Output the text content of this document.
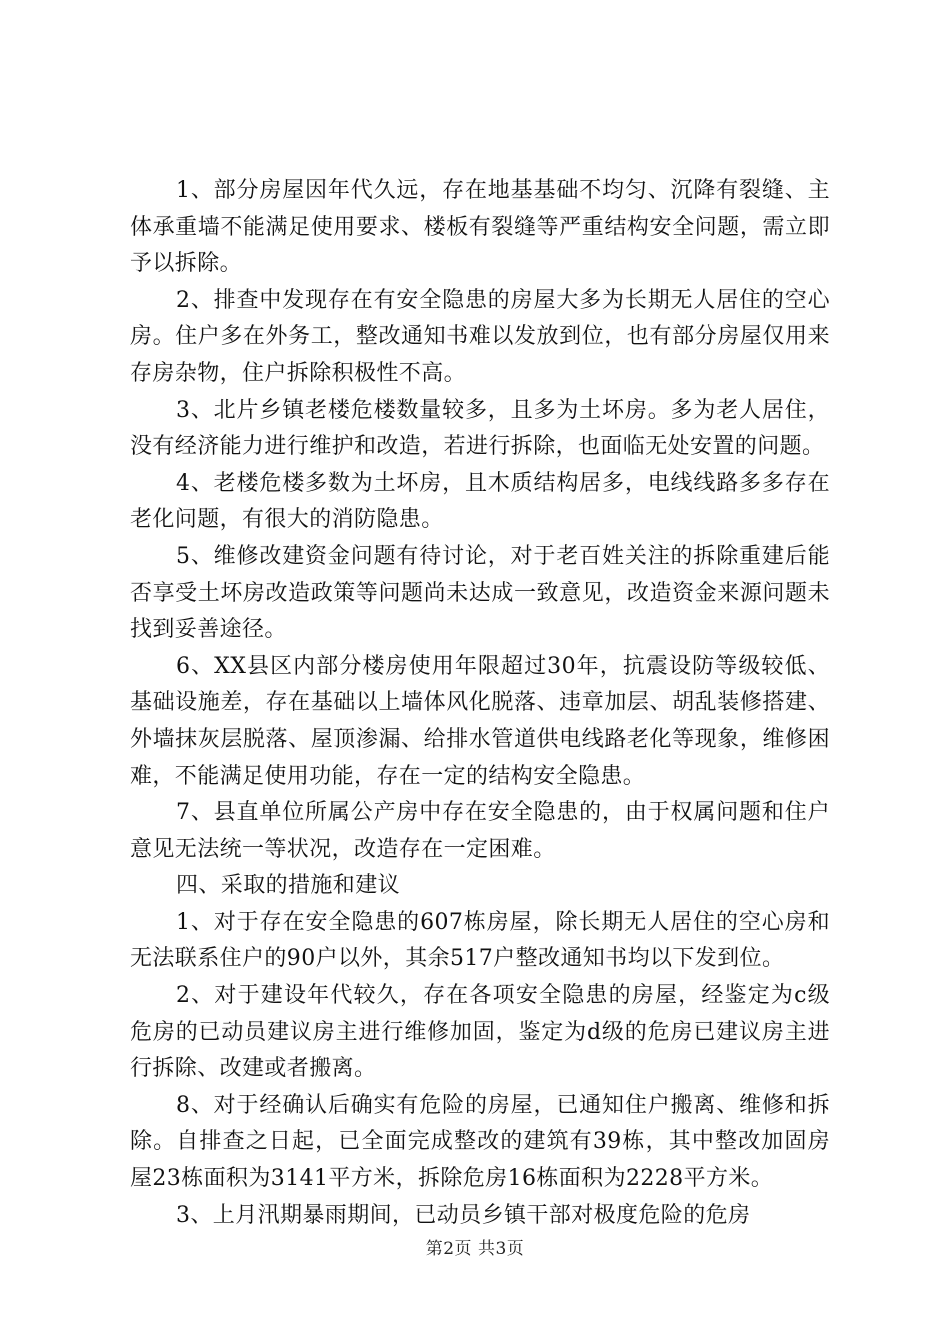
1、部分房屋因年代久远，存在地基基础不均匀、沉降有裂缝、主体承重墙不能满足使用要求、楼板有裂缝等严重结构安全问题，需立即予以拆除。

2、排查中发现存在有安全隐患的房屋大多为长期无人居住的空心房。住户多在外务工，整改通知书难以发放到位，也有部分房屋仅用来存房杂物，住户拆除积极性不高。

3、北片乡镇老楼危楼数量较多，且多为土坏房。多为老人居住，没有经济能力进行维护和改造，若进行拆除，也面临无处安置的问题。

4、老楼危楼多数为土坏房，且木质结构居多，电线线路多多存在老化问题，有很大的消防隐患。

5、维修改建资金问题有待讨论，对于老百姓关注的拆除重建后能否享受土坏房改造政策等问题尚未达成一致意见，改造资金来源问题未找到妥善途径。

6、XX县区内部分楼房使用年限超过30年，抗震设防等级较低、基础设施差，存在基础以上墙体风化脱落、违章加层、胡乱装修搭建、外墙抹灰层脱落、屋顶渗漏、给排水管道供电线路老化等现象，维修困难，不能满足使用功能，存在一定的结构安全隐患。

7、县直单位所属公产房中存在安全隐患的，由于权属问题和住户意见无法统一等状况，改造存在一定困难。

四、采取的措施和建议

1、对于存在安全隐患的607栋房屋，除长期无人居住的空心房和无法联系住户的90户以外，其余517户整改通知书均以下发到位。

2、对于建设年代较久，存在各项安全隐患的房屋，经鉴定为c级危房的已动员建议房主进行维修加固，鉴定为d级的危房已建议房主进行拆除、改建或者搬离。

8、对于经确认后确实有危险的房屋，已通知住户搬离、维修和拆除。自排查之日起，已全面完成整改的建筑有39栋，其中整改加固房屋23栋面积为3141平方米，拆除危房16栋面积为2228平方米。

3、上月汛期暴雨期间，已动员乡镇干部对极度危险的危房

第2页 共3页
